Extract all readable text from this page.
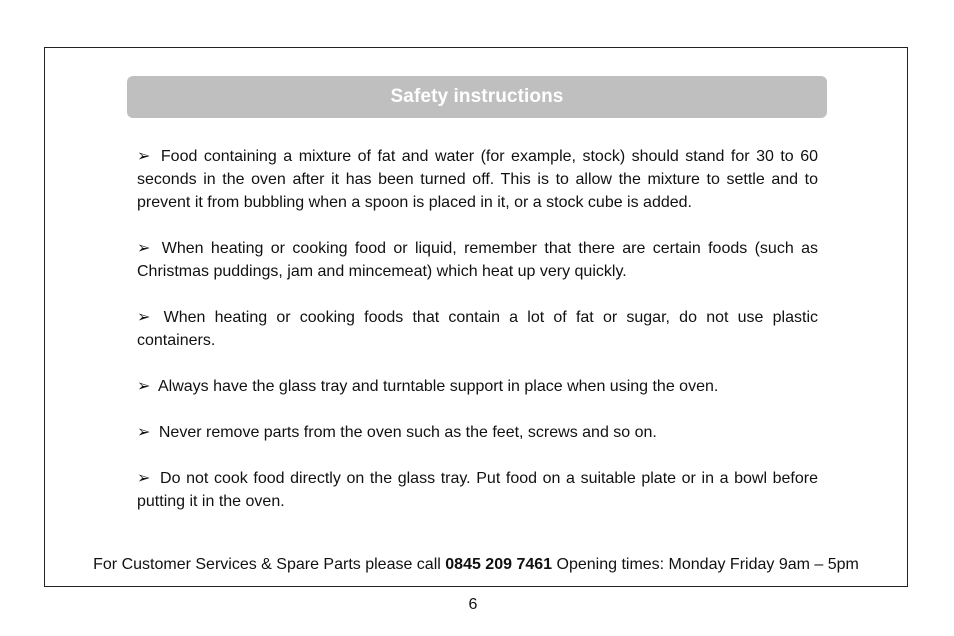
Safety instructions

➢ Food containing a mixture of fat and water (for example, stock) should stand for 30 to 60 seconds in the oven after it has been turned off. This is to allow the mixture to settle and to prevent it from bubbling when a spoon is placed in it, or a stock cube is added.

➢ When heating or cooking food or liquid, remember that there are certain foods (such as Christmas puddings, jam and mincemeat) which heat up very quickly.

➢ When heating or cooking foods that contain a lot of fat or sugar, do not use plastic containers.

➢ Always have the glass tray and turntable support in place when using the oven.

➢ Never remove parts from the oven such as the feet, screws and so on.

➢ Do not cook food directly on the glass tray. Put food on a suitable plate or in a bowl before putting it in the oven.

For Customer Services & Spare Parts please call 0845 209 7461 Opening times: Monday Friday 9am – 5pm
6
